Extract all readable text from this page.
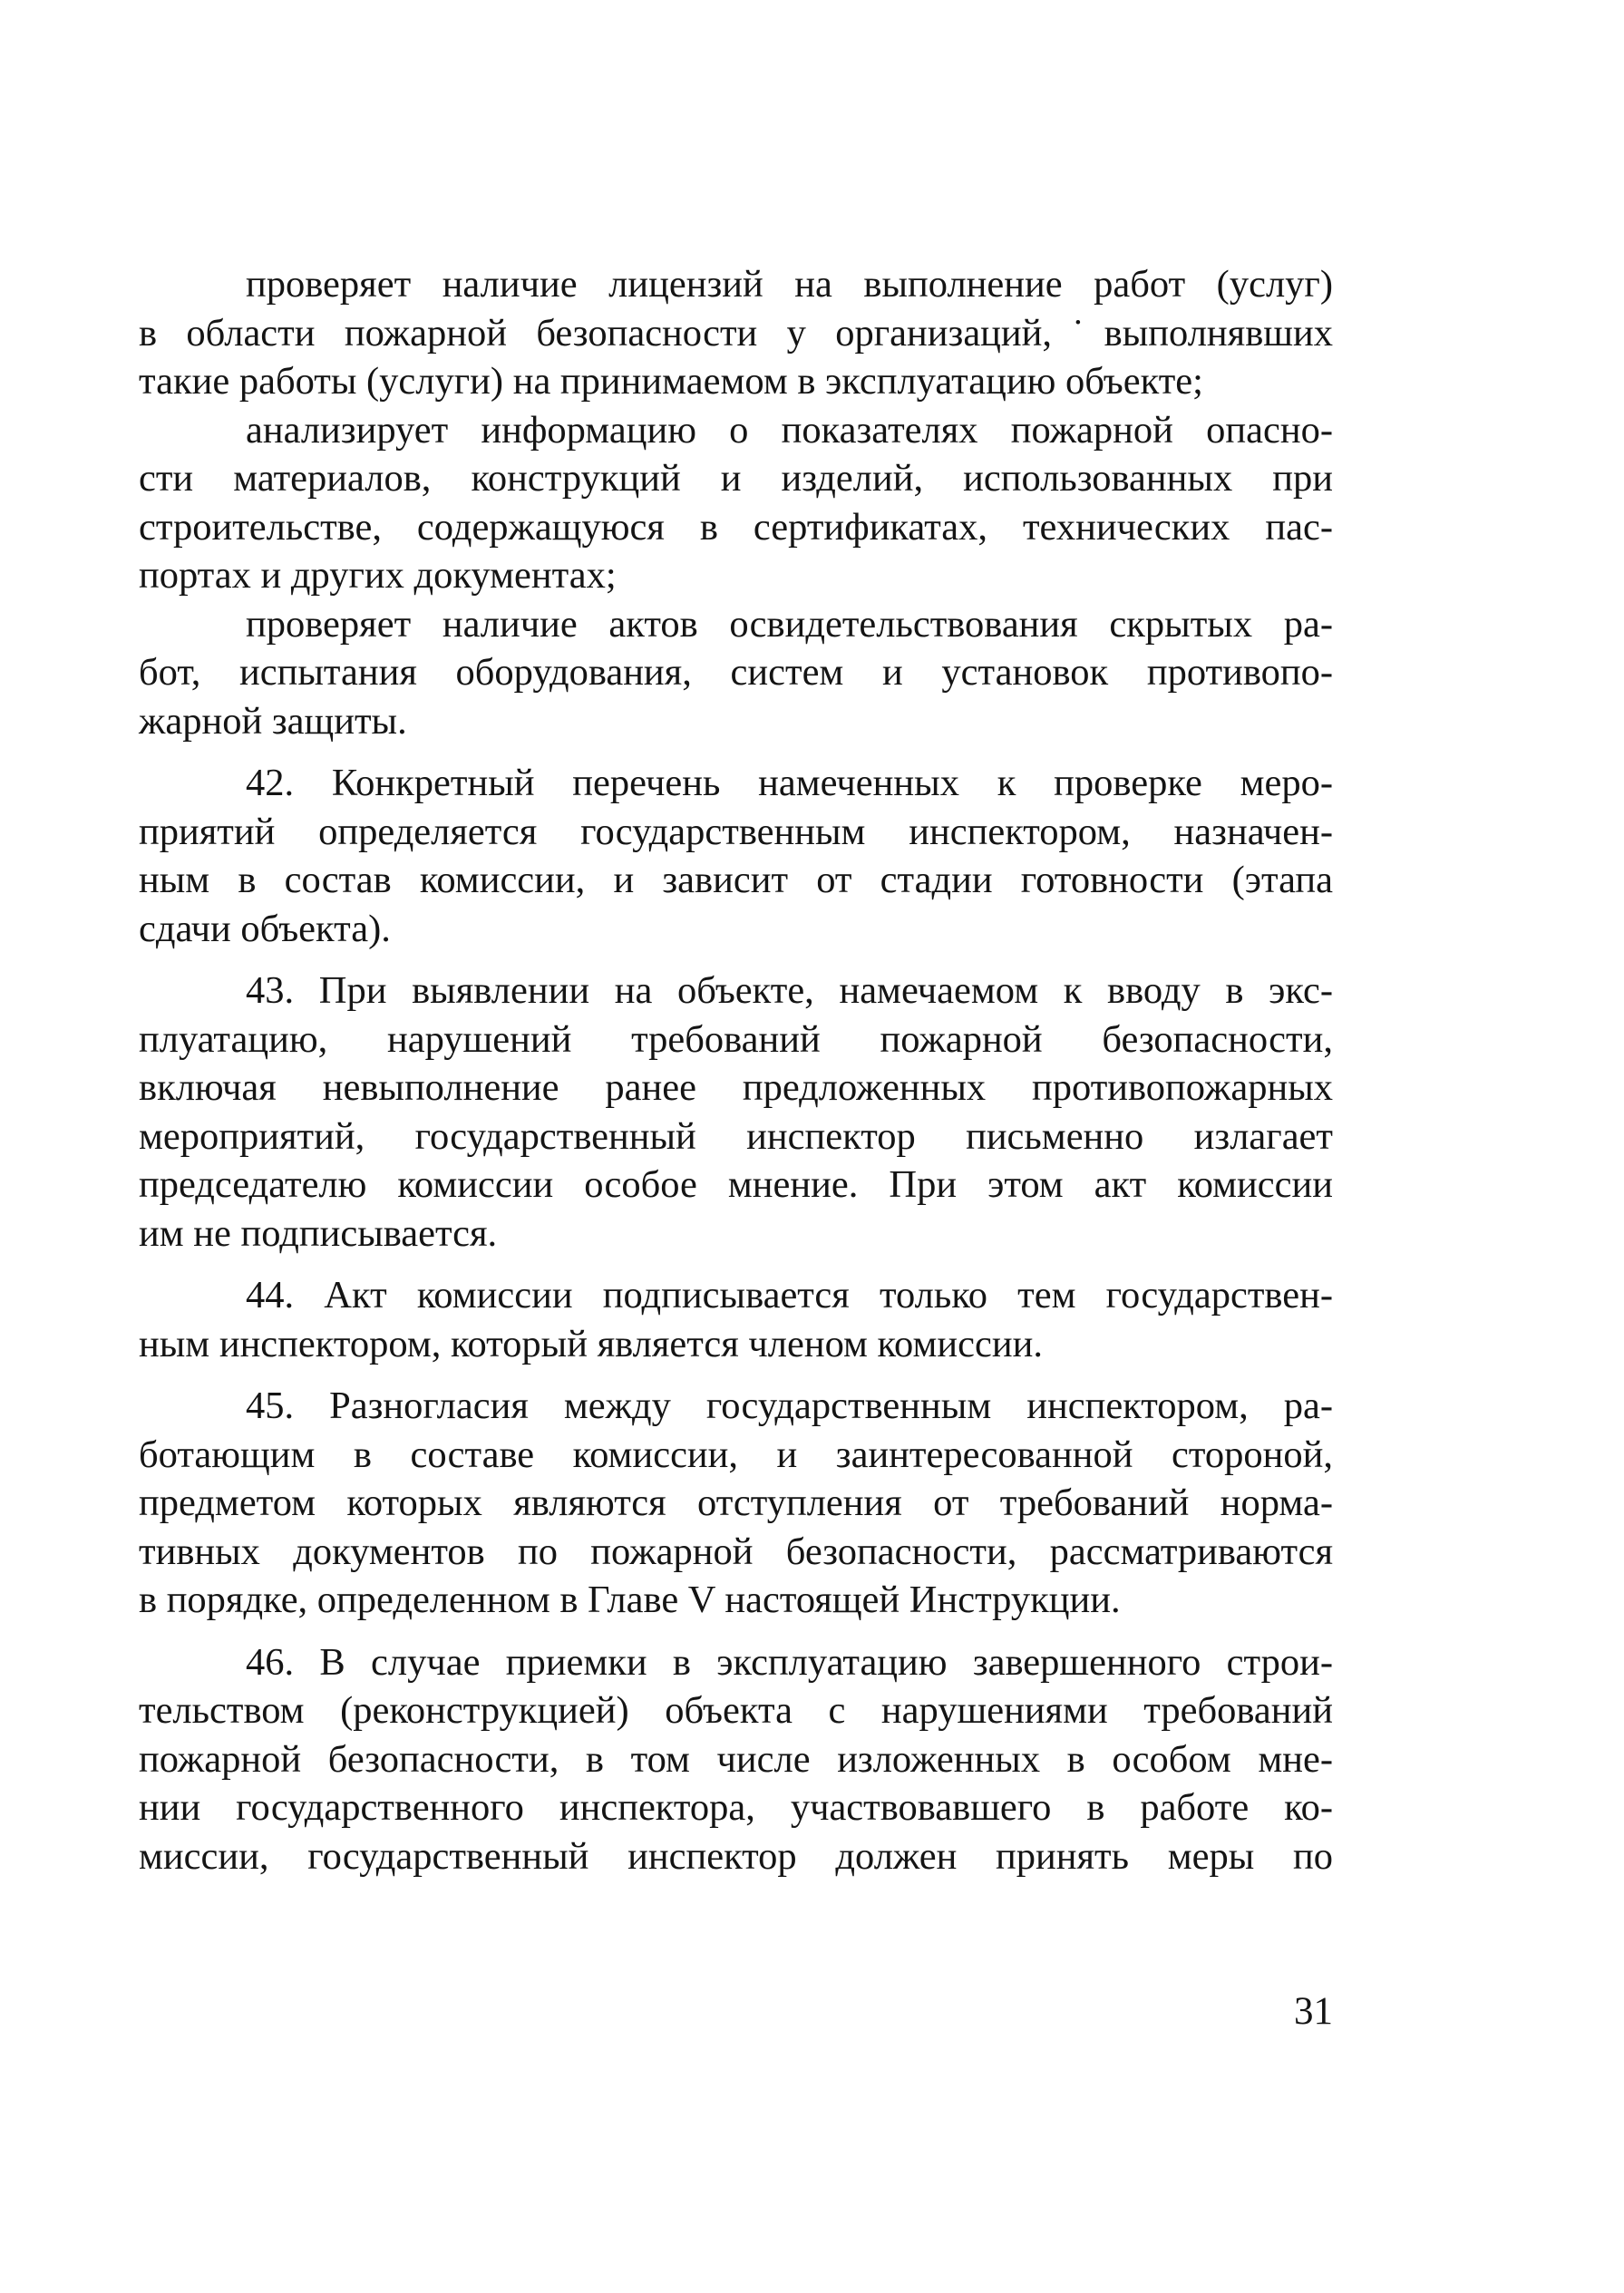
проверяет наличие лицензий на выполнение работ (услуг)
в области пожарной безопасности у организаций,˙выполнявших
такие работы (услуги) на принимаемом в эксплуатацию объекте;

анализирует информацию о показателях пожарной опасно-
сти материалов, конструкций и изделий, использованных при
строительстве, содержащуюся в сертификатах, технических пас-
портах и других документах;

проверяет наличие актов освидетельствования скрытых ра-
бот, испытания оборудования, систем и установок противопо-
жарной защиты.

42. Конкретный перечень намеченных к проверке меро-
приятий определяется государственным инспектором, назначен-
ным в состав комиссии, и зависит от стадии готовности (этапа
сдачи объекта).

43. При выявлении на объекте, намечаемом к вводу в экс-
плуатацию, нарушений требований пожарной безопасности,
включая невыполнение ранее предложенных противопожарных
мероприятий, государственный инспектор письменно излагает
председателю комиссии особое мнение. При этом акт комиссии
им не подписывается.

44. Акт комиссии подписывается только тем государствен-
ным инспектором, который является членом комиссии.

45. Разногласия между государственным инспектором, ра-
ботающим в составе комиссии, и заинтересованной стороной,
предметом которых являются отступления от требований норма-
тивных документов по пожарной безопасности, рассматриваются
в порядке, определенном в Главе V настоящей Инструкции.

46. В случае приемки в эксплуатацию завершенного строи-
тельством (реконструкцией) объекта с нарушениями требований
пожарной безопасности, в том числе изложенных в особом мне-
нии государственного инспектора, участвовавшего в работе ко-
миссии, государственный инспектор должен принять меры по

31
